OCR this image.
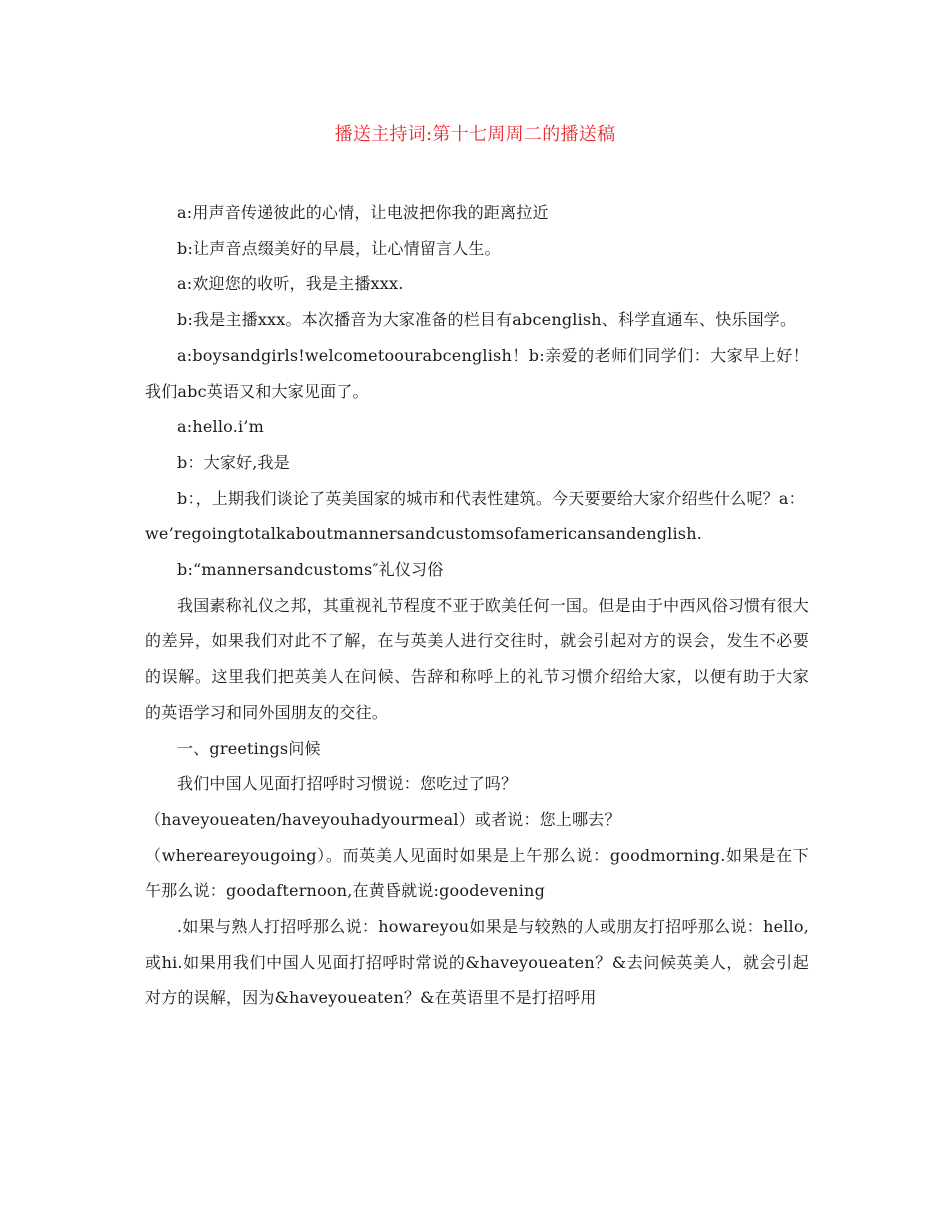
播送主持词:第十七周周二的播送稿

a:用声音传递彼此的心情，让电波把你我的距离拉近

b:让声音点缀美好的早晨，让心情留言人生。

a:欢迎您的收听，我是主播xxx.

b:我是主播xxx。本次播音为大家准备的栏目有abcenglish、科学直通车、快乐国学。

a:boysandgirls!welcometoourabcenglish！b:亲爱的老师们同学们：大家早上好！我们abc英语又和大家见面了。

a:hello.i’m

b：大家好,我是

b：，上期我们谈论了英美国家的城市和代表性建筑。今天要要给大家介绍些什么呢？a：

we’regoingtotalkaboutmannersandcustomsofamericansandenglish.

b:“mannersandcustoms″礼仪习俗

我国素称礼仪之邦，其重视礼节程度不亚于欧美任何一国。但是由于中西风俗习惯有很大的差异，如果我们对此不了解，在与英美人进行交往时，就会引起对方的误会，发生不必要的误解。这里我们把英美人在问候、告辞和称呼上的礼节习惯介绍给大家，以便有助于大家的英语学习和同外国朋友的交往。

一、greetings问候

我们中国人见面打招呼时习惯说：您吃过了吗？

（haveyoueaten/haveyouhadyourmeal）或者说：您上哪去？

（whereareyougoing）。而英美人见面时如果是上午那么说：goodmorning.如果是在下午那么说：goodafternoon,在黄昏就说:goodevening

.如果与熟人打招呼那么说：howareyou如果是与较熟的人或朋友打招呼那么说：hello,或hi.如果用我们中国人见面打招呼时常说的&haveyoueaten？&去问候英美人，就会引起对方的误解，因为&haveyoueaten？&在英语里不是打招呼用
